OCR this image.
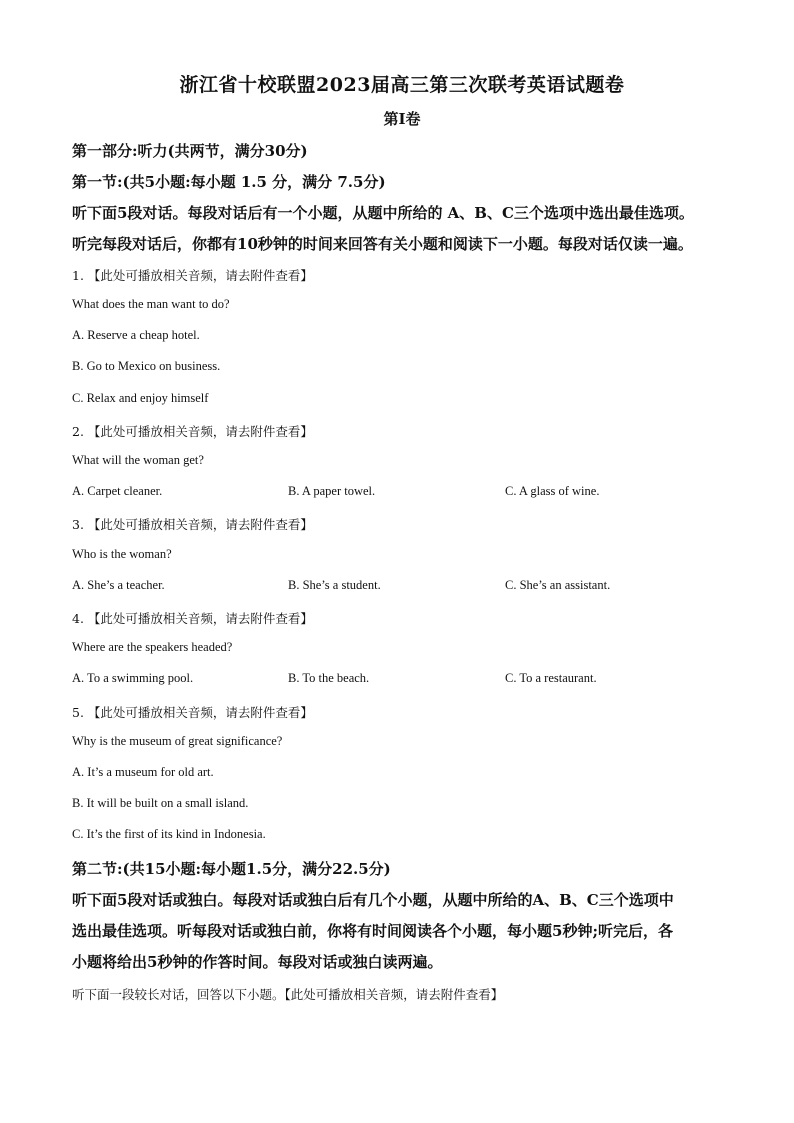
浙江省十校联盟2023届高三第三次联考英语试题卷
第I卷
第一部分:听力(共两节，满分30分)
第一节:(共5小题:每小题 1.5 分，满分 7.5分)
听下面5段对话。每段对话后有一个小题，从题中所给的 A、B、C三个选项中选出最佳选项。
听完每段对话后，你都有10秒钟的时间来回答有关小题和阅读下一小题。每段对话仅读一遍。
1. 【此处可播放相关音频，请去附件查看】
What does the man want to do?
A. Reserve a cheap hotel.
B. Go to Mexico on business.
C. Relax and enjoy himself
2. 【此处可播放相关音频，请去附件查看】
What will the woman get?
A. Carpet cleaner.	B. A paper towel.	C. A glass of wine.
3. 【此处可播放相关音频，请去附件查看】
Who is the woman?
A. She’s a teacher.	B. She’s a student.	C. She’s an assistant.
4. 【此处可播放相关音频，请去附件查看】
Where are the speakers headed?
A. To a swimming pool.	B. To the beach.	C. To a restaurant.
5. 【此处可播放相关音频，请去附件查看】
Why is the museum of great significance?
A. It’s a museum for old art.
B. It will be built on a small island.
C. It’s the first of its kind in Indonesia.
第二节:(共15小题:每小题1.5分，满分22.5分)
听下面5段对话或独白。每段对话或独白后有几个小题，从题中所给的A、B、C三个选项中
选出最佳选项。听每段对话或独白前，你将有时间阅读各个小题，每小题5秒钟;听完后，各
小题将给出5秒钟的作答时间。每段对话或独白读两遍。
听下面一段较长对话，回答以下小题。【此处可播放相关音频，请去附件查看】
